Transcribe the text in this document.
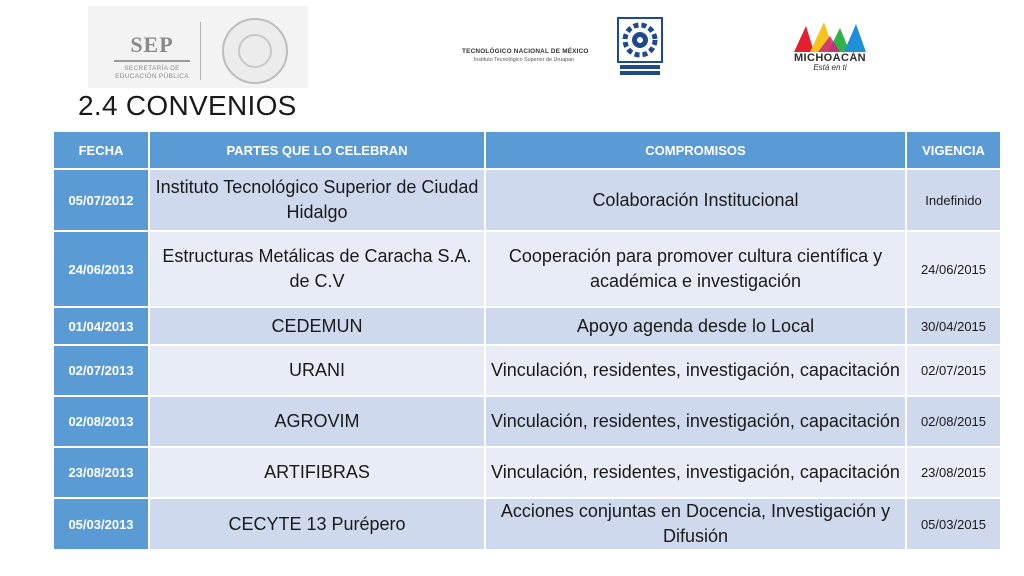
SEP
SECRETARÍA DE
EDUCACIÓN PÚBLICA
TECNOLÓGICO NACIONAL DE MÉXICO
Instituto Tecnológico Superior de Uruapan	MICHOACÁN
Está en ti
2.4 CONVENIOS
FECHA	PARTES QUE LO CELEBRAN	COMPROMISOS	VIGENCIA
05/07/2012	Instituto Tecnológico Superior de Ciudad Hidalgo	Colaboración Institucional	Indefinido
24/06/2013	Estructuras Metálicas de Caracha S.A. de C.V	Cooperación para promover cultura científica y académica e investigación	24/06/2015
01/04/2013	CEDEMUN	Apoyo agenda desde lo Local	30/04/2015
02/07/2013	URANI	Vinculación, residentes, investigación, capacitación	02/07/2015
02/08/2013	AGROVIM	Vinculación, residentes, investigación, capacitación	02/08/2015
23/08/2013	ARTIFIBRAS	Vinculación, residentes, investigación, capacitación	23/08/2015
05/03/2013	CECYTE 13 Purépero	Acciones conjuntas en Docencia, Investigación y Difusión	05/03/2015
